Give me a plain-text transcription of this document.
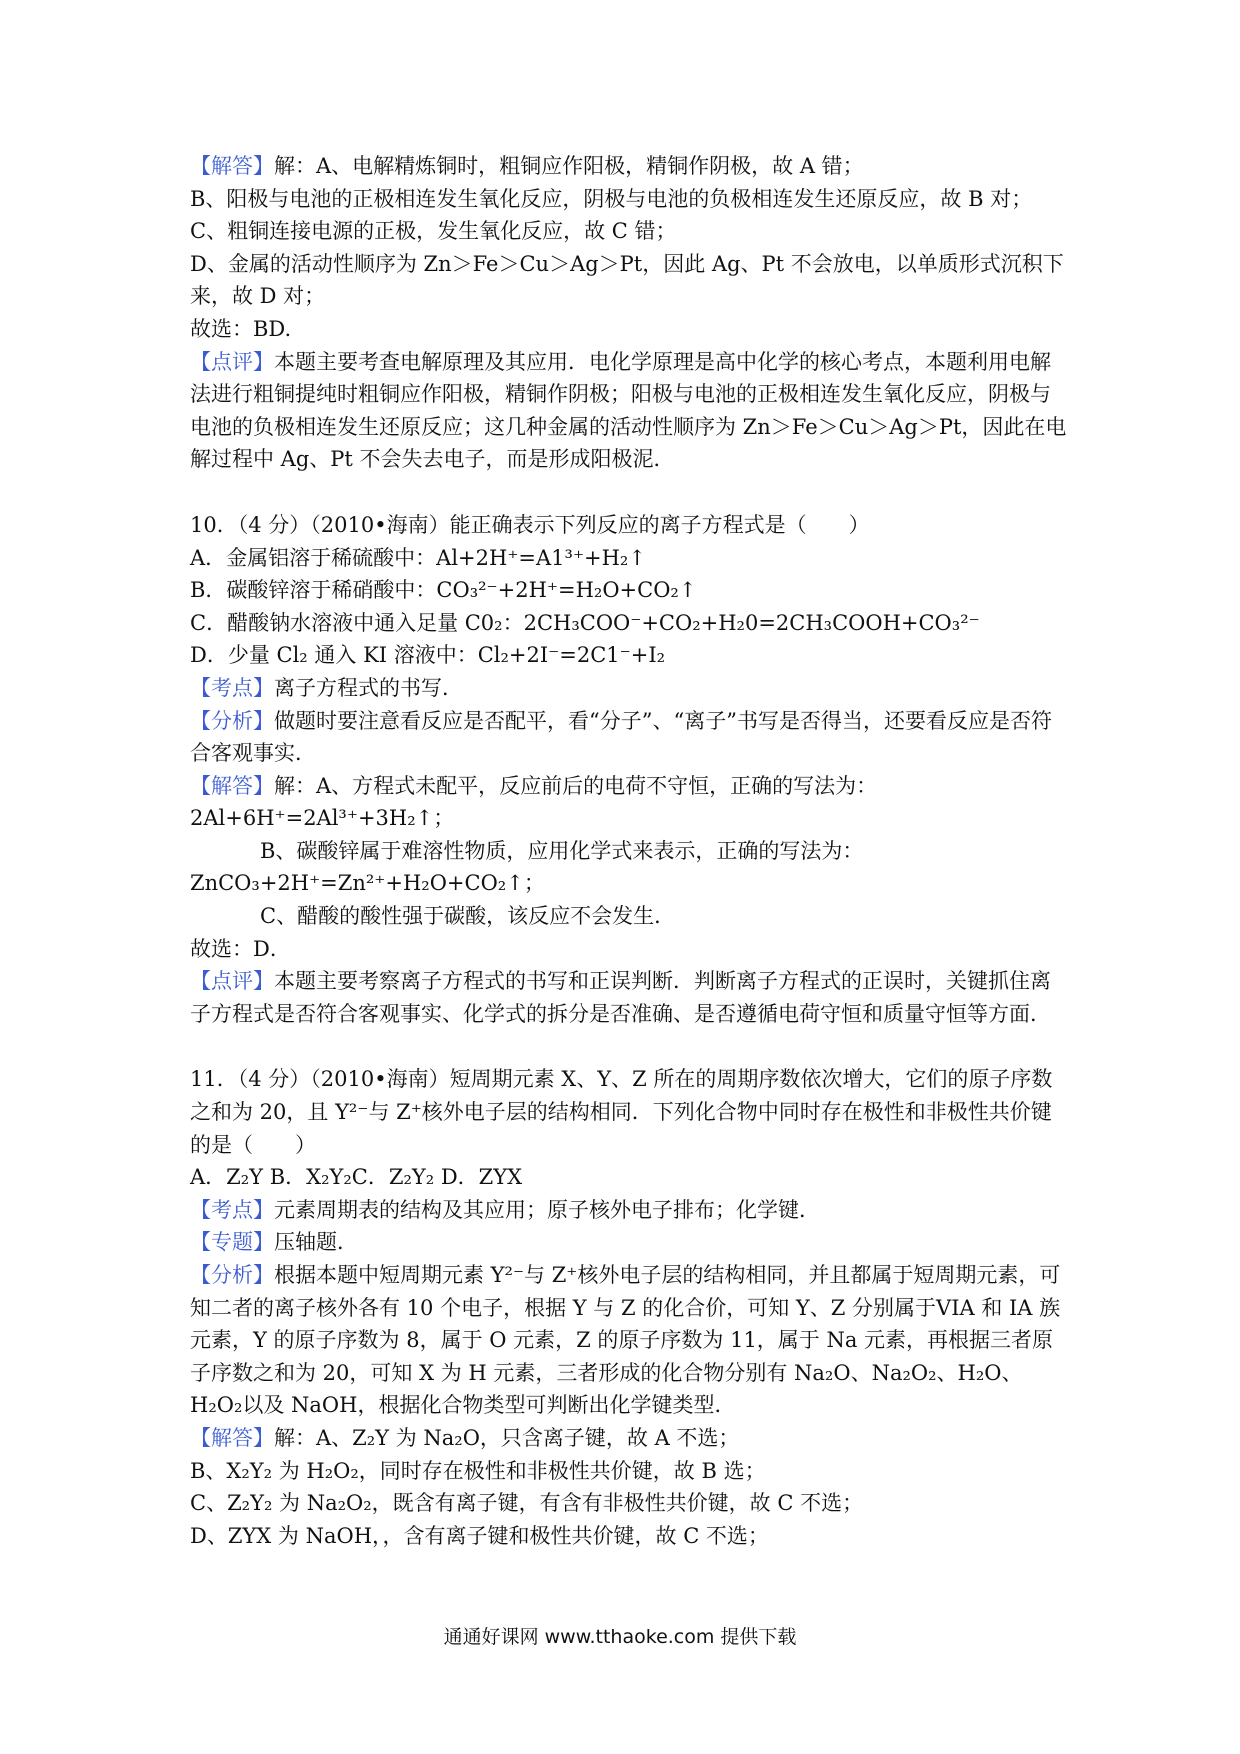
【解答】解：A、电解精炼铜时，粗铜应作阳极，精铜作阴极，故 A 错；
B、阳极与电池的正极相连发生氧化反应，阴极与电池的负极相连发生还原反应，故 B 对；
C、粗铜连接电源的正极，发生氧化反应，故 C 错；
D、金属的活动性顺序为 Zn＞Fe＞Cu＞Ag＞Pt，因此 Ag、Pt 不会放电，以单质形式沉积下来，故 D 对；
故选：BD.
【点评】本题主要考查电解原理及其应用．电化学原理是高中化学的核心考点，本题利用电解法进行粗铜提纯时粗铜应作阳极，精铜作阴极；阳极与电池的正极相连发生氧化反应，阴极与电池的负极相连发生还原反应；这几种金属的活动性顺序为 Zn＞Fe＞Cu＞Ag＞Pt，因此在电解过程中 Ag、Pt 不会失去电子，而是形成阳极泥．
10．（4 分）（2010•海南）能正确表示下列反应的离子方程式是（　　）
A．金属铝溶于稀硫酸中：Al+2H⁺=A1³⁺+H₂↑
B．碳酸锌溶于稀硝酸中：CO₃²⁻+2H⁺=H₂O+CO₂↑
C．醋酸钠水溶液中通入足量 C0₂：2CH₃COO⁻+CO₂+H₂0=2CH₃COOH+CO₃²⁻
D．少量 Cl₂ 通入 KI 溶液中：Cl₂+2I⁻=2C1⁻+I₂
【考点】离子方程式的书写．
【分析】做题时要注意看反应是否配平，看“分子”、“离子”书写是否得当，还要看反应是否符合客观事实．
【解答】解：A、方程式未配平，反应前后的电荷不守恒，正确的写法为：
2Al+6H⁺=2Al³⁺+3H₂↑；
B、碳酸锌属于难溶性物质，应用化学式来表示，正确的写法为：
ZnCO₃+2H⁺=Zn²⁺+H₂O+CO₂↑；
C、醋酸的酸性强于碳酸，该反应不会发生．
故选：D．
【点评】本题主要考察离子方程式的书写和正误判断．判断离子方程式的正误时，关键抓住离子方程式是否符合客观事实、化学式的拆分是否准确、是否遵循电荷守恒和质量守恒等方面．
11．（4 分）（2010•海南）短周期元素 X、Y、Z 所在的周期序数依次增大，它们的原子序数之和为 20，且 Y²⁻与 Z⁺核外电子层的结构相同．下列化合物中同时存在极性和非极性共价键的是（　　）
A．Z₂Y B．X₂Y₂C．Z₂Y₂ D．ZYX
【考点】元素周期表的结构及其应用；原子核外电子排布；化学键．
【专题】压轴题．
【分析】根据本题中短周期元素 Y²⁻与 Z⁺核外电子层的结构相同，并且都属于短周期元素，可知二者的离子核外各有 10 个电子，根据 Y 与 Z 的化合价，可知 Y、Z 分别属于VIA 和 IA 族元素，Y 的原子序数为 8，属于 O 元素，Z 的原子序数为 11，属于 Na 元素，再根据三者原子序数之和为 20，可知 X 为 H 元素，三者形成的化合物分别有 Na₂O、Na₂O₂、H₂O、H₂O₂以及 NaOH，根据化合物类型可判断出化学键类型．
【解答】解：A、Z₂Y 为 Na₂O，只含离子键，故 A 不选；
B、X₂Y₂ 为 H₂O₂，同时存在极性和非极性共价键，故 B 选；
C、Z₂Y₂ 为 Na₂O₂，既含有离子键，有含有非极性共价键，故 C 不选；
D、ZYX 为 NaOH，，含有离子键和极性共价键，故 C 不选；
通通好课网 www.tthaoke.com 提供下载
